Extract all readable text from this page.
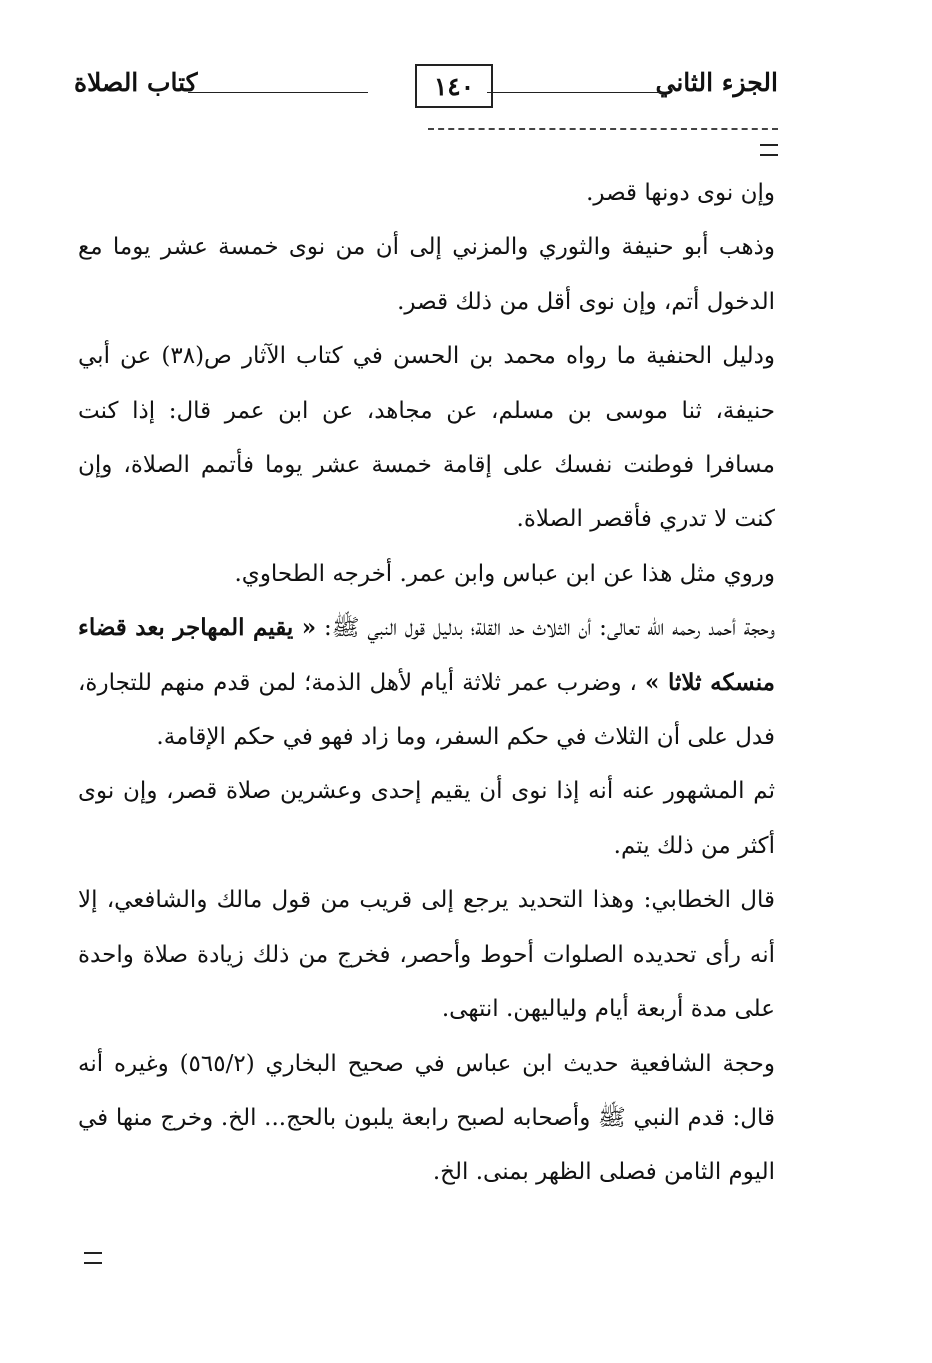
الجزء الثاني
١٤٠
كتاب الصلاة

وإن نوى دونها قصر.

وذهب أبو حنيفة والثوري والمزني إلى أن من نوى خمسة عشر يوما مع الدخول أتم، وإن نوى أقل من ذلك قصر.

ودليل الحنفية ما رواه محمد بن الحسن في كتاب الآثار ص(٣٨) عن أبي حنيفة، ثنا موسى بن مسلم، عن مجاهد، عن ابن عمر قال: إذا كنت مسافرا فوطنت نفسك على إقامة خمسة عشر يوما فأتمم الصلاة، وإن كنت لا تدري فأقصر الصلاة.

وروي مثل هذا عن ابن عباس وابن عمر. أخرجه الطحاوي.

وحجة أحمد رحمه الله تعالى: أن الثلاث حد القلة؛ بدليل قول النبي ﷺ: « يقيم المهاجر بعد قضاء منسكه ثلاثا » ، وضرب عمر ثلاثة أيام لأهل الذمة؛ لمن قدم منهم للتجارة، فدل على أن الثلاث في حكم السفر، وما زاد فهو في حكم الإقامة.

ثم المشهور عنه أنه إذا نوى أن يقيم إحدى وعشرين صلاة قصر، وإن نوى أكثر من ذلك يتم.

قال الخطابي: وهذا التحديد يرجع إلى قريب من قول مالك والشافعي، إلا أنه رأى تحديده الصلوات أحوط وأحصر، فخرج من ذلك زيادة صلاة واحدة على مدة أربعة أيام ولياليهن. انتهى.

وحجة الشافعية حديث ابن عباس في صحيح البخاري (٥٦٥/٢) وغيره أنه قال: قدم النبي ﷺ وأصحابه لصبح رابعة يلبون بالحج... الخ. وخرج منها في اليوم الثامن فصلى الظهر بمنى. الخ.
